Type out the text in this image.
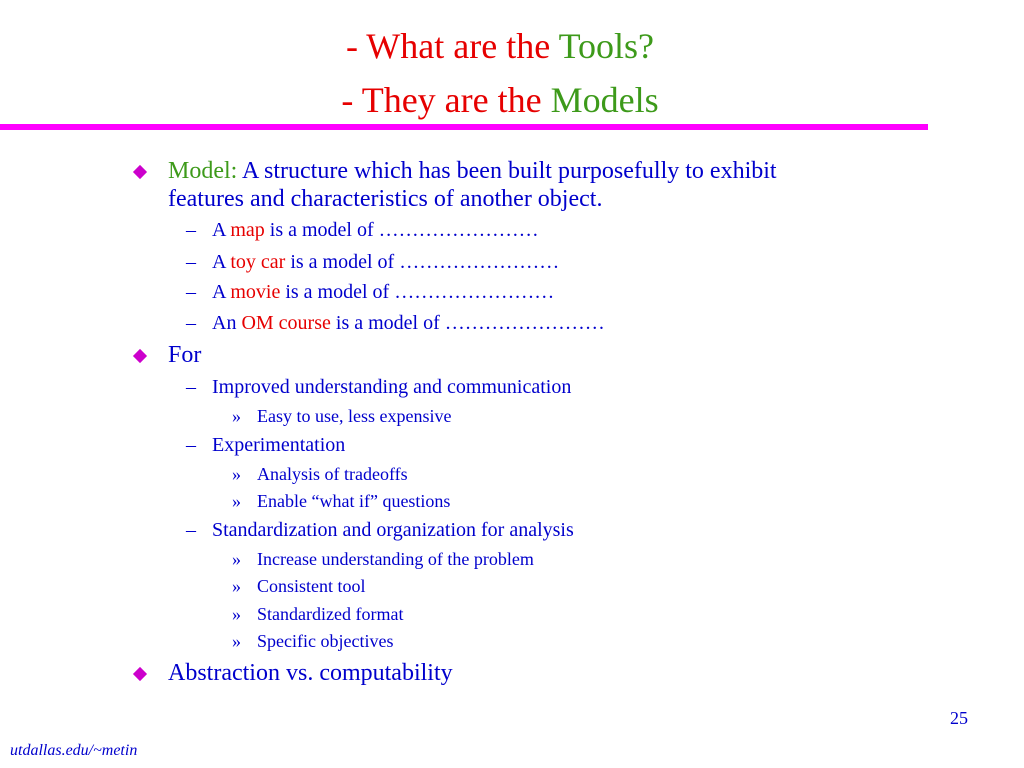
- What are the Tools?
- They are the Models
Model: A structure which has been built purposefully to exhibit
features and characteristics of another object.
– A map is a model of ……………………
– A toy car is a model of ……………………
– A movie is a model of ……………………
– An OM course is a model of ……………………
For
– Improved understanding and communication
» Easy to use, less expensive
– Experimentation
» Analysis of tradeoffs
» Enable “what if” questions
– Standardization and organization for analysis
» Increase understanding of the problem
» Consistent tool
» Standardized format
» Specific objectives
Abstraction vs. computability
25
utdallas.edu/~metin
